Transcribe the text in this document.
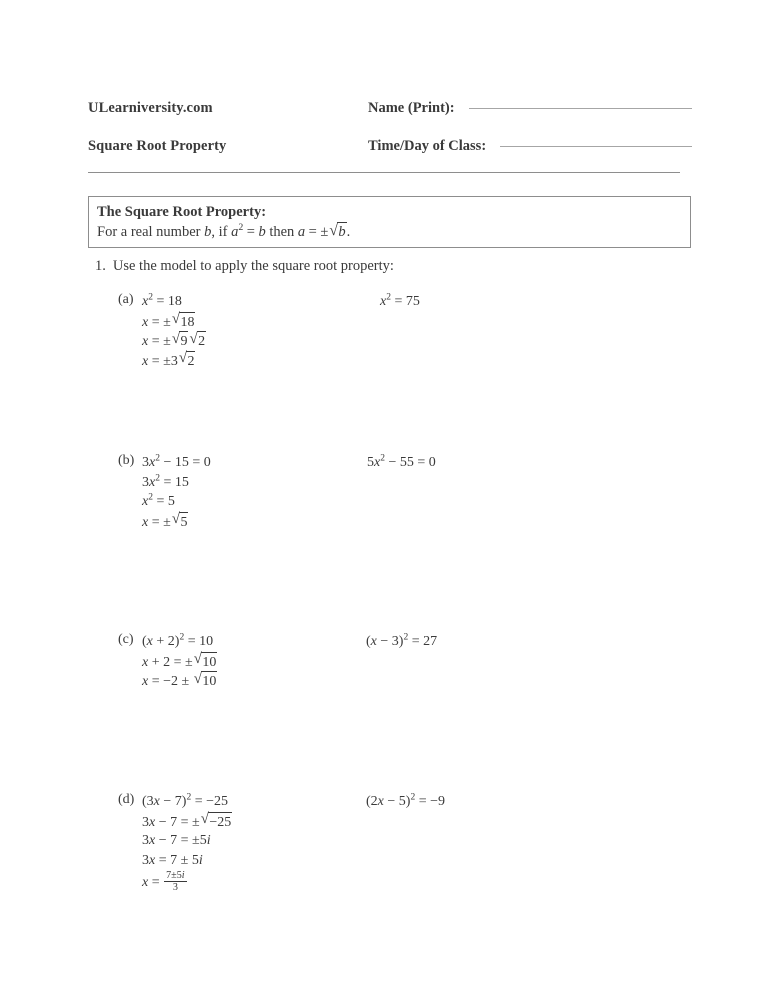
ULearniversity.com	Name (Print):
Square Root Property	Time/Day of Class:
The Square Root Property:
For a real number b, if $a^2 = b$ then a = ± √ b.
1. Use the model to apply the square root property:
(a) $x^2 = 18$
x = ± √ 18
x = ± √ 9 √ 2
x = ±3 √ 2
$x^2 = 75$
(b) $3x^2 - 15 = 0$
$3x^2 = 15$
$x^2 = 5$
x = ± √ 5
$5x^2 - 55 = 0$
(c) $(x + 2)^2 = 10$
x + 2 = ± √ 10
x = −2 ± √ 10
$(x - 3)^2 = 27$
(d) $(3x - 7)^2 = -25$
3x − 7 = ± √ −25
3x − 7 = ±5i
3x = 7 ± 5i
$x = \frac{7\pm 5i}{3}$
$(2x - 5)^2 = -9$
